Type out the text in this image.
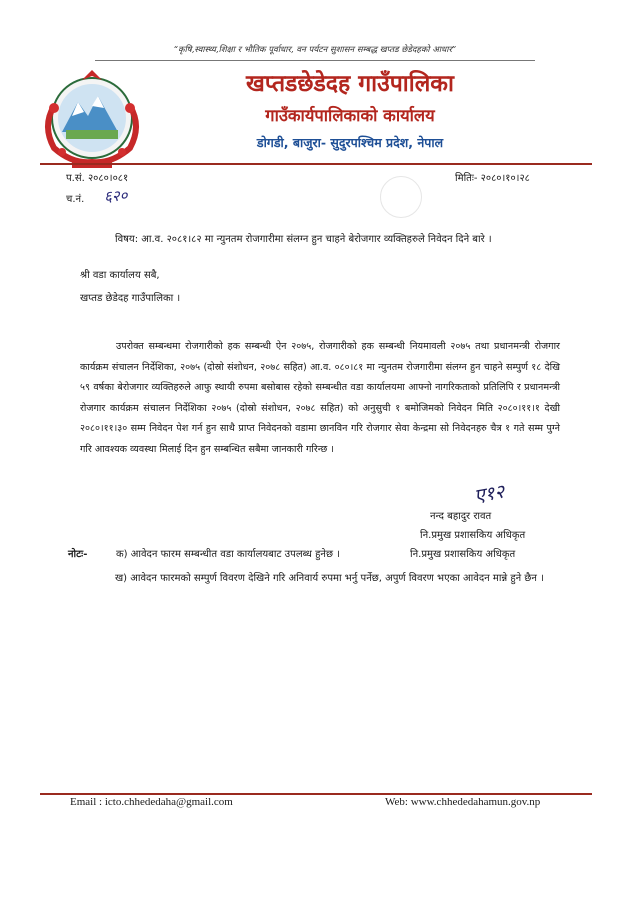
“कृषि,स्वास्थ्य,शिक्षा र भौतिक पूर्वाधार, वन पर्यटन सुशासन सम्बद्ध खप्तड छेडेदहको आधार”
खप्तडछेडेदह गाउँपालिका
गाउँकार्यपालिकाको कार्यालय
डोगडी, बाजुरा- सुदुरपश्चिम प्रदेश, नेपाल
प.सं. २०८०।०८१	मितिः- २०८०।१०।२८
च.नं. ६२०
विषय: आ.व. २०८१।८२ मा न्युनतम रोजगारीमा संलग्न हुन चाहने बेरोजगार व्यक्तिहरुले निवेदन दिने बारे ।
श्री वडा कार्यालय सबै,
खप्तड छेडेदह गाउँपालिका ।
उपरोक्त सम्बन्धमा रोजगारीको हक सम्बन्धी ऐन २०७५, रोजगारीको हक सम्बन्धी नियमावली २०७५ तथा प्रधानमन्त्री रोजगार कार्यक्रम संचालन निर्देशिका, २०७५ (दोस्रो संशोधन, २०७८ सहित) आ.व. ०८०।८१ मा न्युनतम रोजगारीमा संलग्न हुन चाहने सम्पुर्ण १८ देखि ५९ वर्षका बेरोजगार व्यक्तिहरुले आफु स्थायी रुपमा बसोबास रहेको सम्बन्धीत वडा कार्यालयमा आफ्नो नागरिकताको प्रतिलिपि र प्रधानमन्त्री रोजगार कार्यक्रम संचालन निर्देशिका २०७५ (दोस्रो संशोधन, २०७८ सहित) को अनुसुची १ बमोजिमको निवेदन मिति २०८०।११।१ देखी २०८०।११।३० सम्म निवेदन पेश गर्न हुन साथै प्राप्त निवेदनको वडामा छानविन गरि रोजगार सेवा केन्द्रमा सो निवेदनहरु चैत्र १ गते सम्म पुग्ने गरि आवश्यक व्यवस्था मिलाई दिन हुन सम्बन्धित सबैमा जानकारी गरिन्छ ।
ए१२
नन्द बहादुर रावत
नि.प्रमुख प्रशासकिय अधिकृत
नोटः-	क) आवेदन फारम सम्बन्धीत वडा कार्यालयबाट उपलब्ध हुनेछ ।	नि.प्रमुख प्रशासकिय अधिकृत
ख) आवेदन फारमको सम्पुर्ण विवरण देखिने गरि अनिवार्य रुपमा भर्नु पर्नेछ, अपुर्ण विवरण भएका आवेदन मान्ने हुने छैन ।
Email : icto.chhededaha@gmail.com	Web: www.chhededahamun.gov.np
